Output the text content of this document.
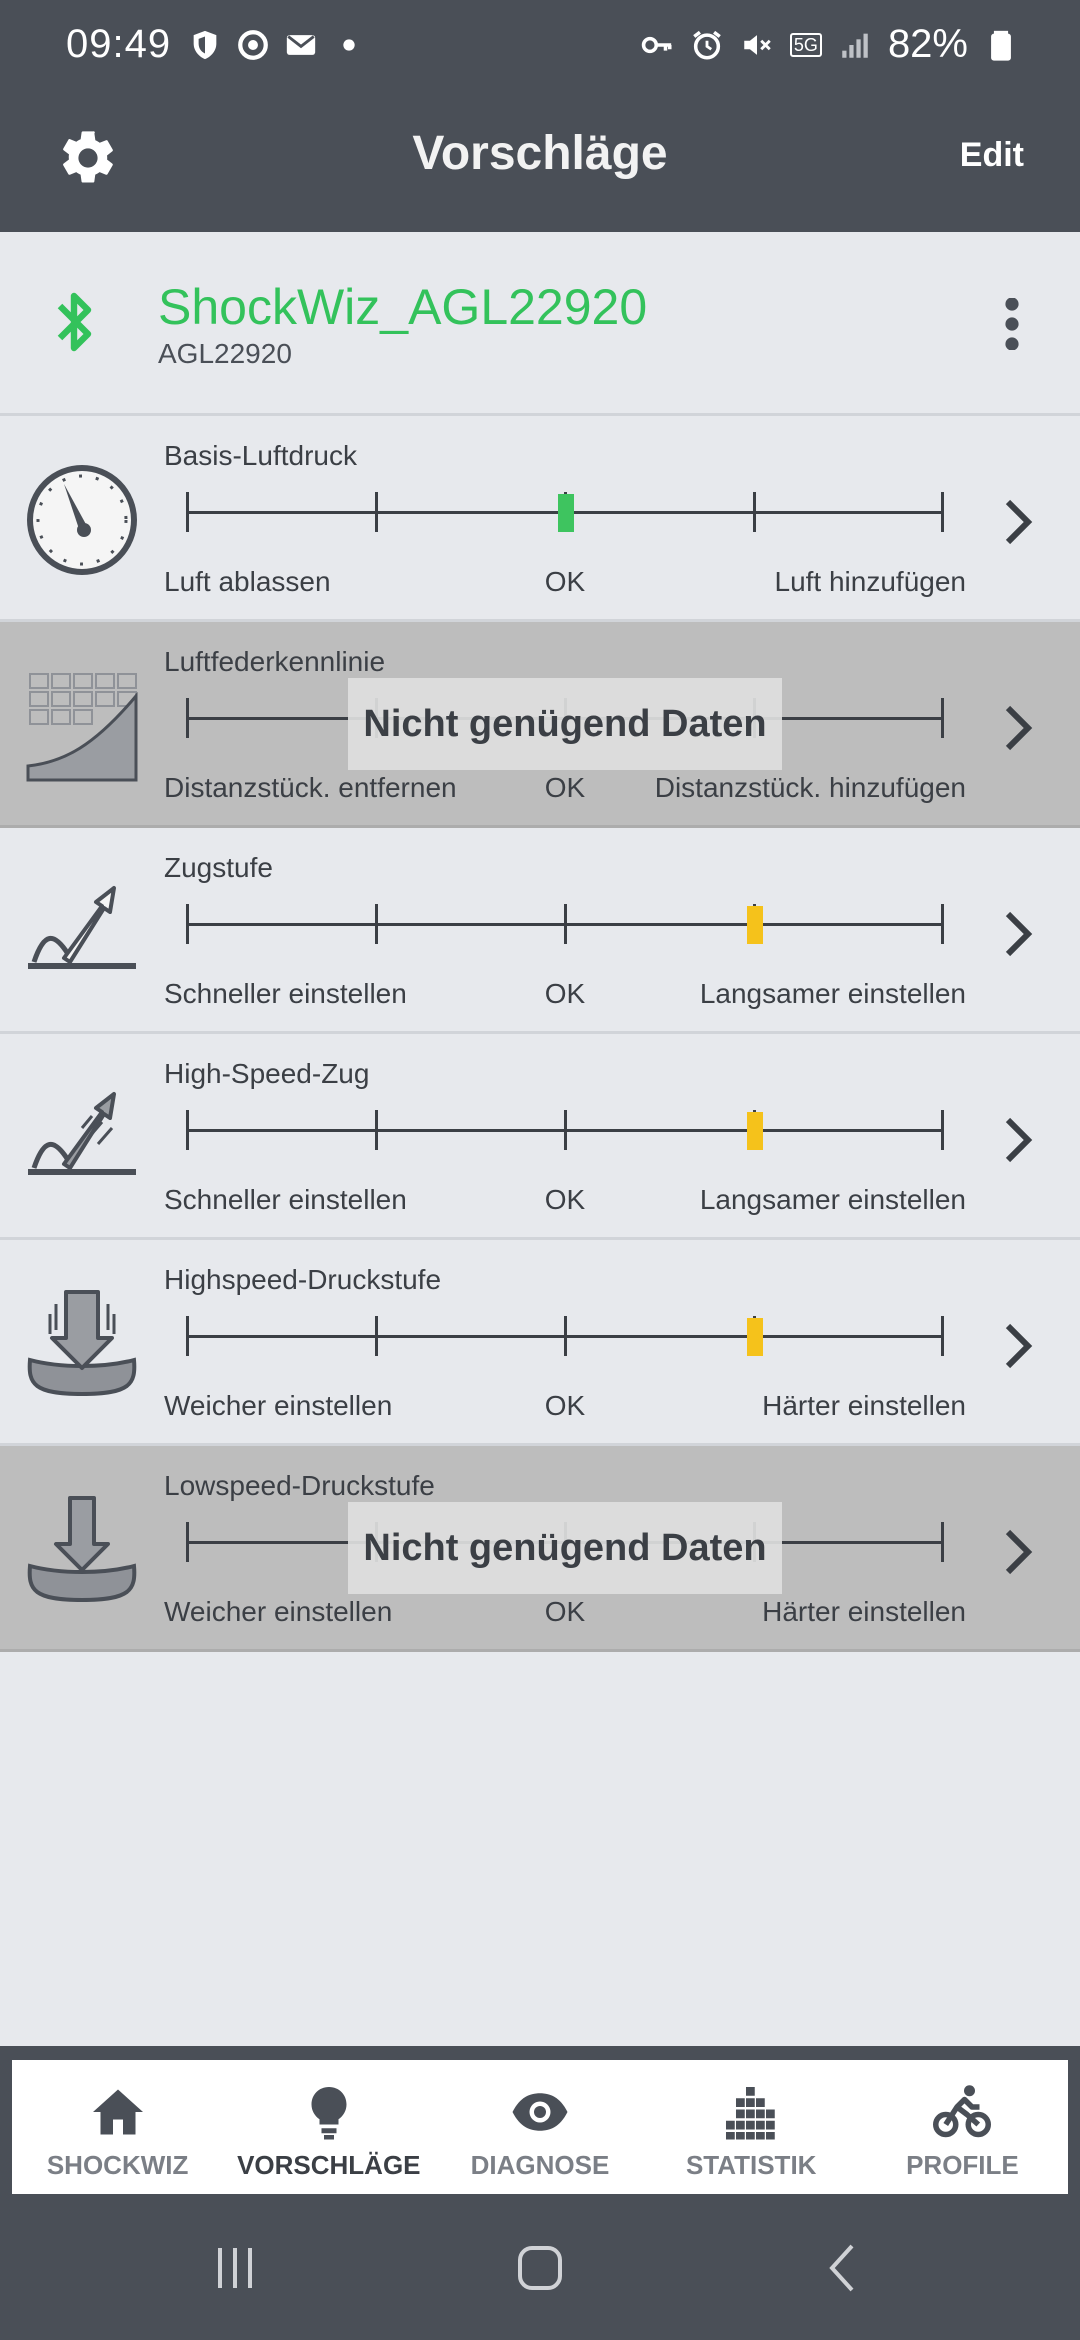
09:49	5G 82%
Vorschläge	Edit
ShockWiz_AGL22920
AGL22920
Basis-Luftdruck
Luft ablassen	OK	Luft hinzufügen
Luftfederkennlinie
Distanzstück. entfernen	OK	Distanzstück. hinzufügen
Nicht genügend Daten
Zugstufe
Schneller einstellen	OK	Langsamer einstellen
High-Speed-Zug
Schneller einstellen	OK	Langsamer einstellen
Highspeed-Druckstufe
Weicher einstellen	OK	Härter einstellen
Lowspeed-Druckstufe
Weicher einstellen	OK	Härter einstellen
Nicht genügend Daten
SHOCKWIZ	VORSCHLÄGE	DIAGNOSE	STATISTIK	PROFILE
